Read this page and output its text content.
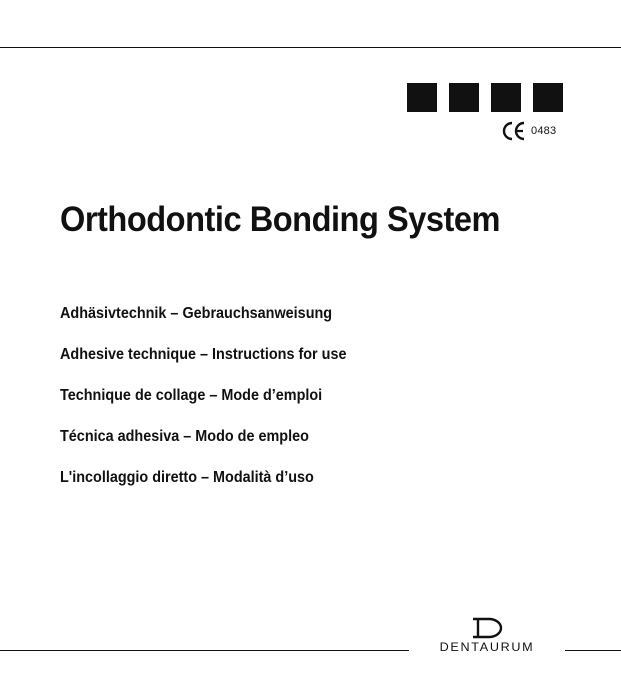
0483
Orthodontic Bonding System
Adhäsivtechnik – Gebrauchsanweisung
Adhesive technique – Instructions for use
Technique de collage – Mode d’emploi
Técnica adhesiva – Modo de empleo
L'incollaggio diretto – Modalità d’uso
DENTAURUM
